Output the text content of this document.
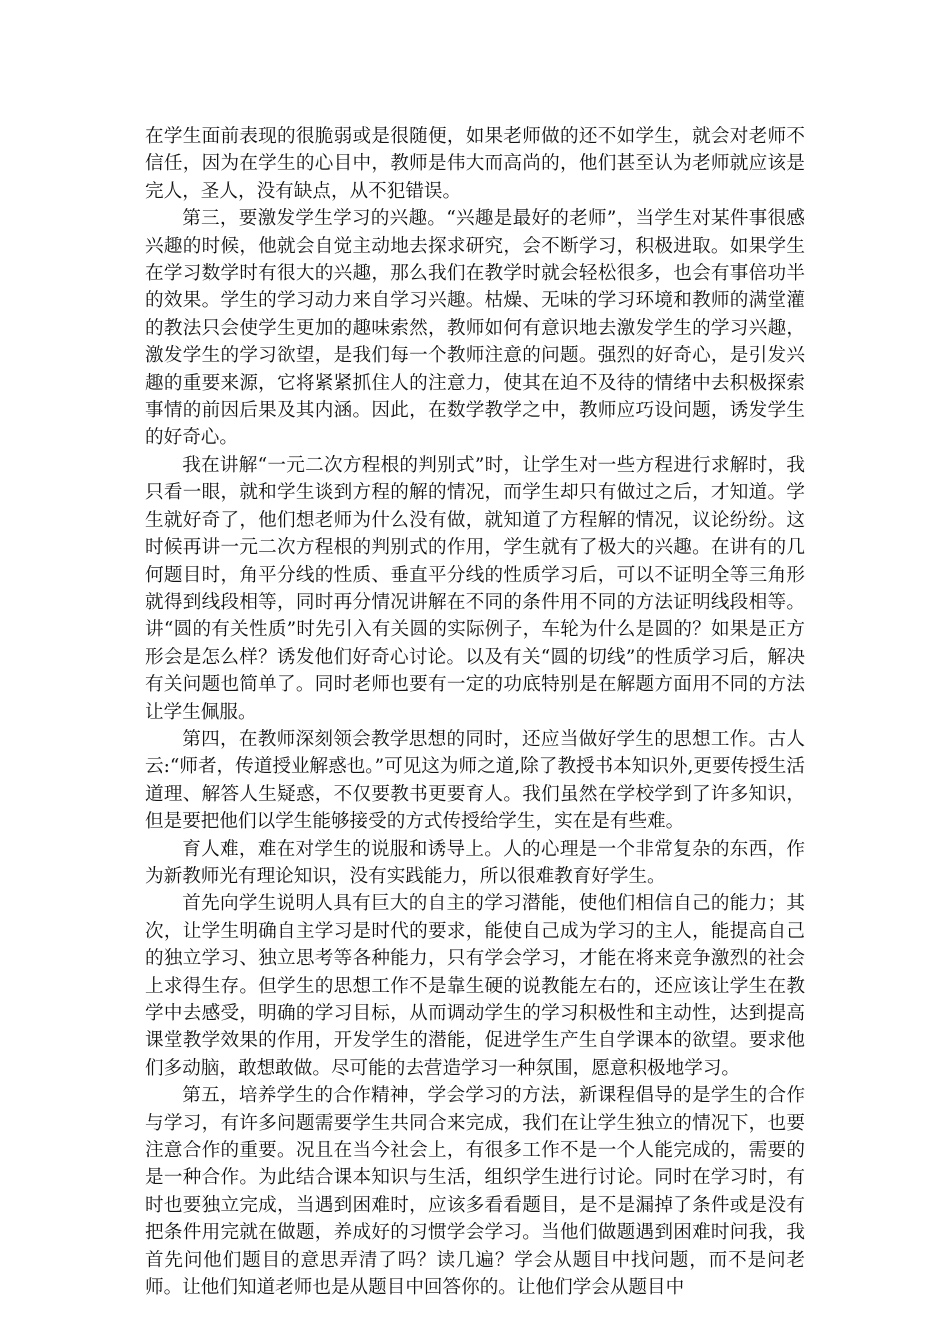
在学生面前表现的很脆弱或是很随便，如果老师做的还不如学生，就会对老师不信任，因为在学生的心目中，教师是伟大而高尚的，他们甚至认为老师就应该是完人，圣人，没有缺点，从不犯错误。

第三，要激发学生学习的兴趣。“兴趣是最好的老师”，当学生对某件事很感兴趣的时候，他就会自觉主动地去探求研究，会不断学习，积极进取。如果学生在学习数学时有很大的兴趣，那么我们在教学时就会轻松很多，也会有事倍功半的效果。学生的学习动力来自学习兴趣。枯燥、无味的学习环境和教师的满堂灌的教法只会使学生更加的趣味索然，教师如何有意识地去激发学生的学习兴趣，激发学生的学习欲望，是我们每一个教师注意的问题。强烈的好奇心，是引发兴趣的重要来源，它将紧紧抓住人的注意力，使其在迫不及待的情绪中去积极探索事情的前因后果及其内涵。因此，在数学教学之中，教师应巧设问题，诱发学生的好奇心。

我在讲解“一元二次方程根的判别式”时，让学生对一些方程进行求解时，我只看一眼，就和学生谈到方程的解的情况，而学生却只有做过之后，才知道。学生就好奇了，他们想老师为什么没有做，就知道了方程解的情况，议论纷纷。这时候再讲一元二次方程根的判别式的作用，学生就有了极大的兴趣。在讲有的几何题目时，角平分线的性质、垂直平分线的性质学习后，可以不证明全等三角形就得到线段相等，同时再分情况讲解在不同的条件用不同的方法证明线段相等。讲“圆的有关性质”时先引入有关圆的实际例子，车轮为什么是圆的？如果是正方形会是怎么样？诱发他们好奇心讨论。以及有关“圆的切线”的性质学习后，解决有关问题也简单了。同时老师也要有一定的功底特别是在解题方面用不同的方法让学生佩服。

第四，在教师深刻领会教学思想的同时，还应当做好学生的思想工作。古人云:“师者，传道授业解惑也。”可见这为师之道,除了教授书本知识外,更要传授生活道理、解答人生疑惑，不仅要教书更要育人。我们虽然在学校学到了许多知识，但是要把他们以学生能够接受的方式传授给学生，实在是有些难。

育人难，难在对学生的说服和诱导上。人的心理是一个非常复杂的东西，作为新教师光有理论知识，没有实践能力，所以很难教育好学生。

首先向学生说明人具有巨大的自主的学习潜能，使他们相信自己的能力；其次，让学生明确自主学习是时代的要求，能使自己成为学习的主人，能提高自己的独立学习、独立思考等各种能力，只有学会学习，才能在将来竞争激烈的社会上求得生存。但学生的思想工作不是靠生硬的说教能左右的，还应该让学生在教学中去感受，明确的学习目标，从而调动学生的学习积极性和主动性，达到提高课堂教学效果的作用，开发学生的潜能，促进学生产生自学课本的欲望。要求他们多动脑，敢想敢做。尽可能的去营造学习一种氛围，愿意积极地学习。

第五，培养学生的合作精神，学会学习的方法，新课程倡导的是学生的合作与学习，有许多问题需要学生共同合来完成，我们在让学生独立的情况下，也要注意合作的重要。况且在当今社会上，有很多工作不是一个人能完成的，需要的是一种合作。为此结合课本知识与生活，组织学生进行讨论。同时在学习时，有时也要独立完成，当遇到困难时，应该多看看题目，是不是漏掉了条件或是没有把条件用完就在做题，养成好的习惯学会学习。当他们做题遇到困难时问我，我首先问他们题目的意思弄清了吗？读几遍？学会从题目中找问题，而不是问老师。让他们知道老师也是从题目中回答你的。让他们学会从题目中
